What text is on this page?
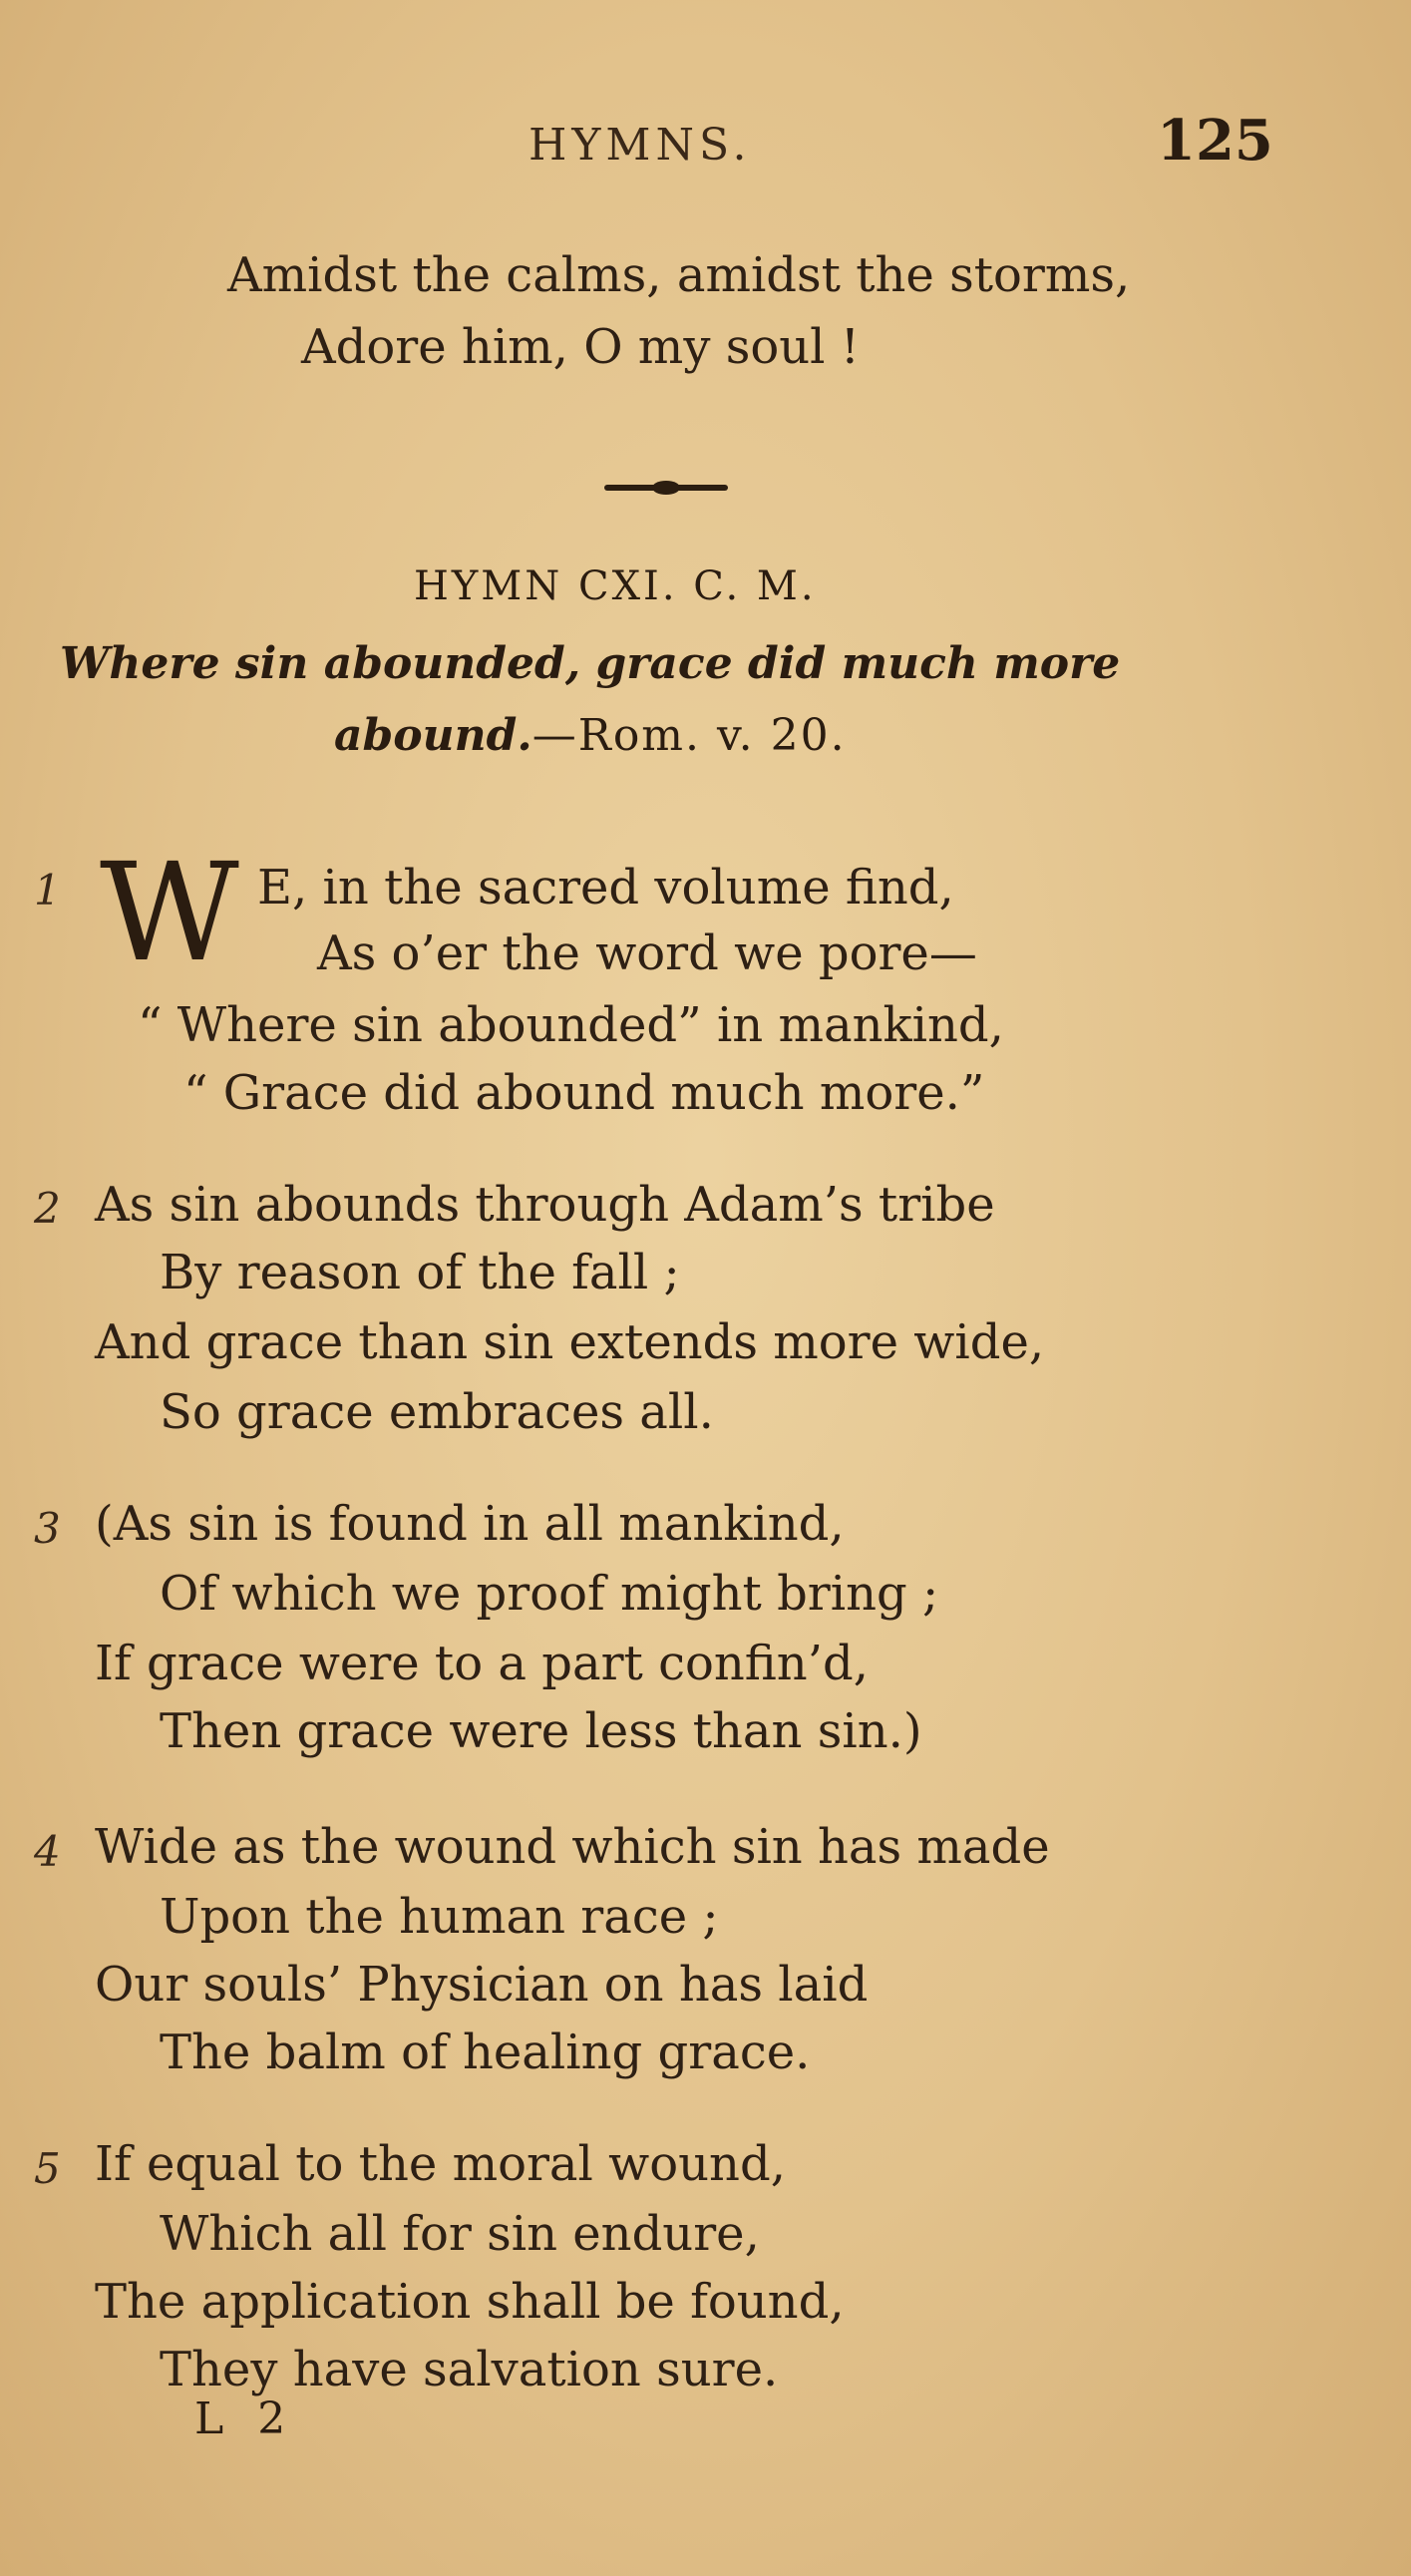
HYMNS.	125
Amidst the calms, amidst the storms,
Adore him, O my soul !
HYMN CXI. C. M.
Where sin abounded, grace did much more
abound.—Rom. v. 20.
1 W E, in the sacred volume find,
As o’er the word we pore—
“ Where sin abounded” in mankind,
“ Grace did abound much more.”
2 As sin abounds through Adam’s tribe
By reason of the fall ;
And grace than sin extends more wide,
So grace embraces all.
3 (As sin is found in all mankind,
Of which we proof might bring ;
If grace were to a part confin’d,
Then grace were less than sin.)
4 Wide as the wound which sin has made
Upon the human race ;
Our souls’ Physician on has laid
The balm of healing grace.
5 If equal to the moral wound,
Which all for sin endure,
The application shall be found,
They have salvation sure.
L 2
